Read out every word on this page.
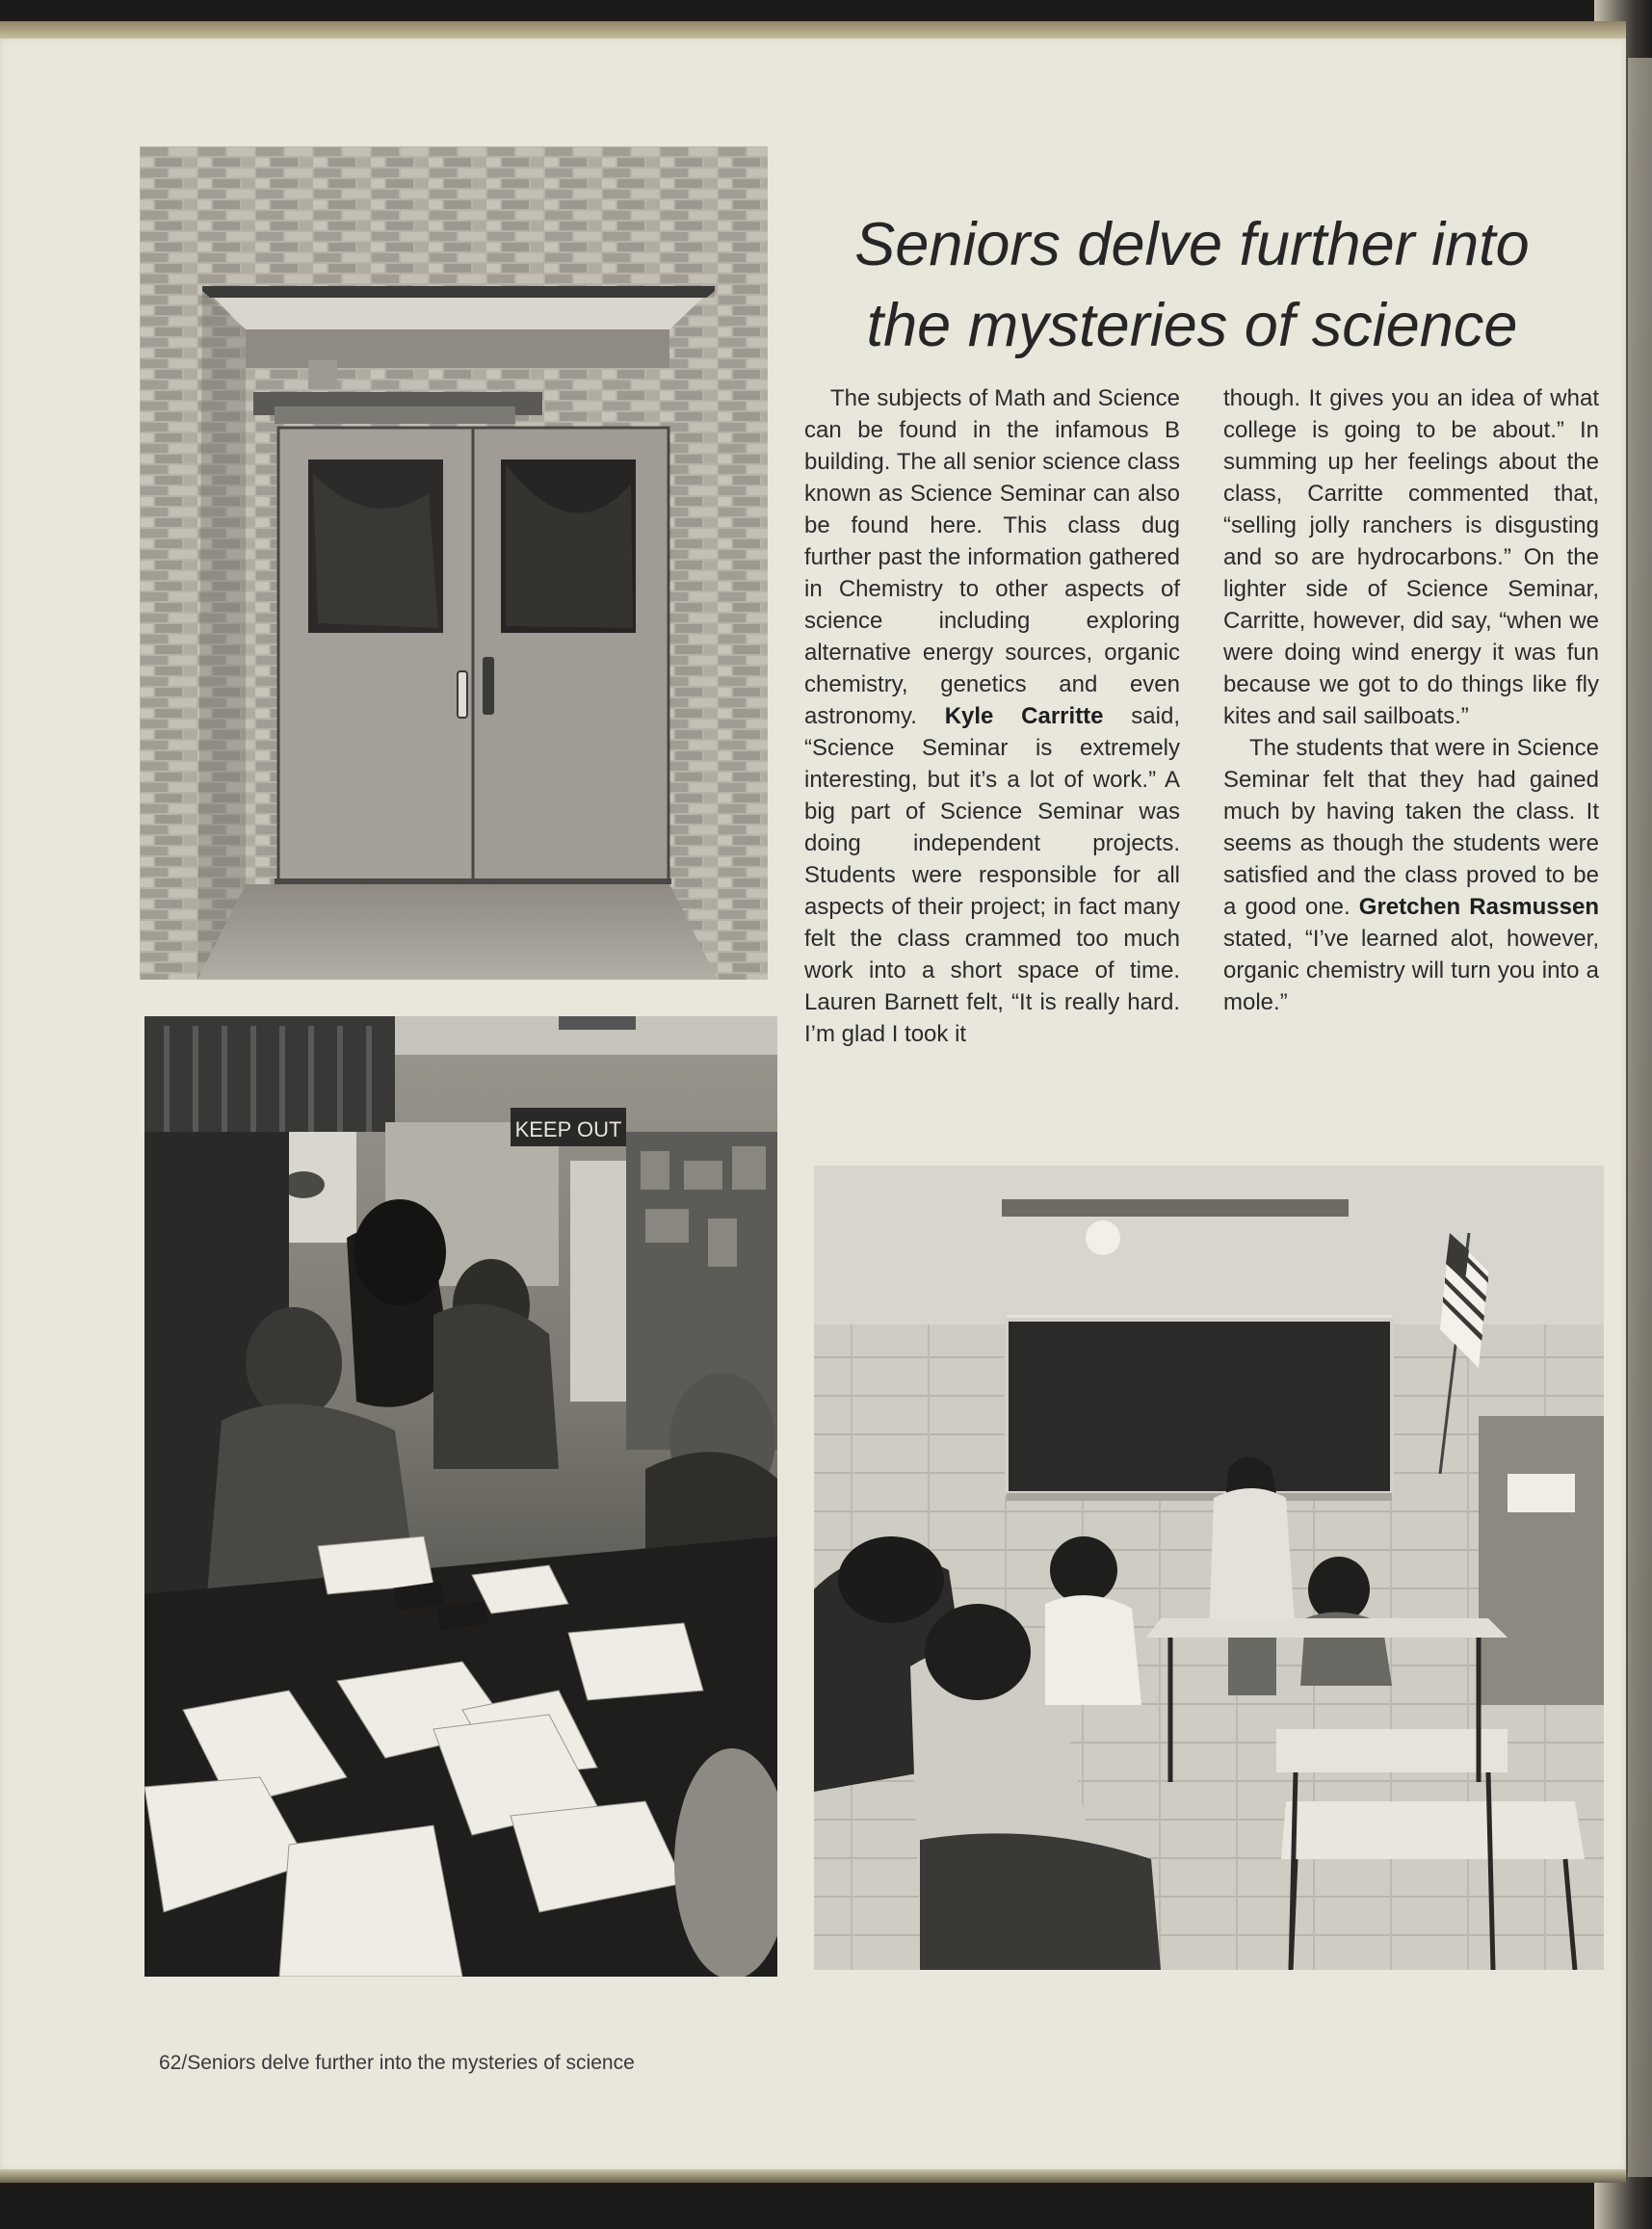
KEEP OUT
Seniors delve further into
the mysteries of science

The subjects of Math and Science can be found in the infamous B building. The all senior science class known as Science Seminar can also be found here. This class dug further past the information gathered in Chemistry to other aspects of science including exploring alternative energy sources, organic chemistry, genetics and even astronomy. Kyle Carritte said, “Science Seminar is extremely interesting, but it’s a lot of work.” A big part of Science Seminar was doing independent projects. Students were responsible for all aspects of their project; in fact many felt the class crammed too much work into a short space of time. Lauren Barnett felt, “It is really hard. I’m glad I took it

though. It gives you an idea of what college is going to be about.” In summing up her feelings about the class, Carritte commented that, “selling jolly ranchers is disgusting and so are hydrocarbons.” On the lighter side of Science Seminar, Carritte, however, did say, “when we were doing wind energy it was fun because we got to do things like fly kites and sail sailboats.”

The students that were in Science Seminar felt that they had gained much by having taken the class. It seems as though the students were satisfied and the class proved to be a good one. Gretchen Rasmussen stated, “I’ve learned alot, however, organic chemistry will turn you into a mole.”

62/Seniors delve further into the mysteries of science
